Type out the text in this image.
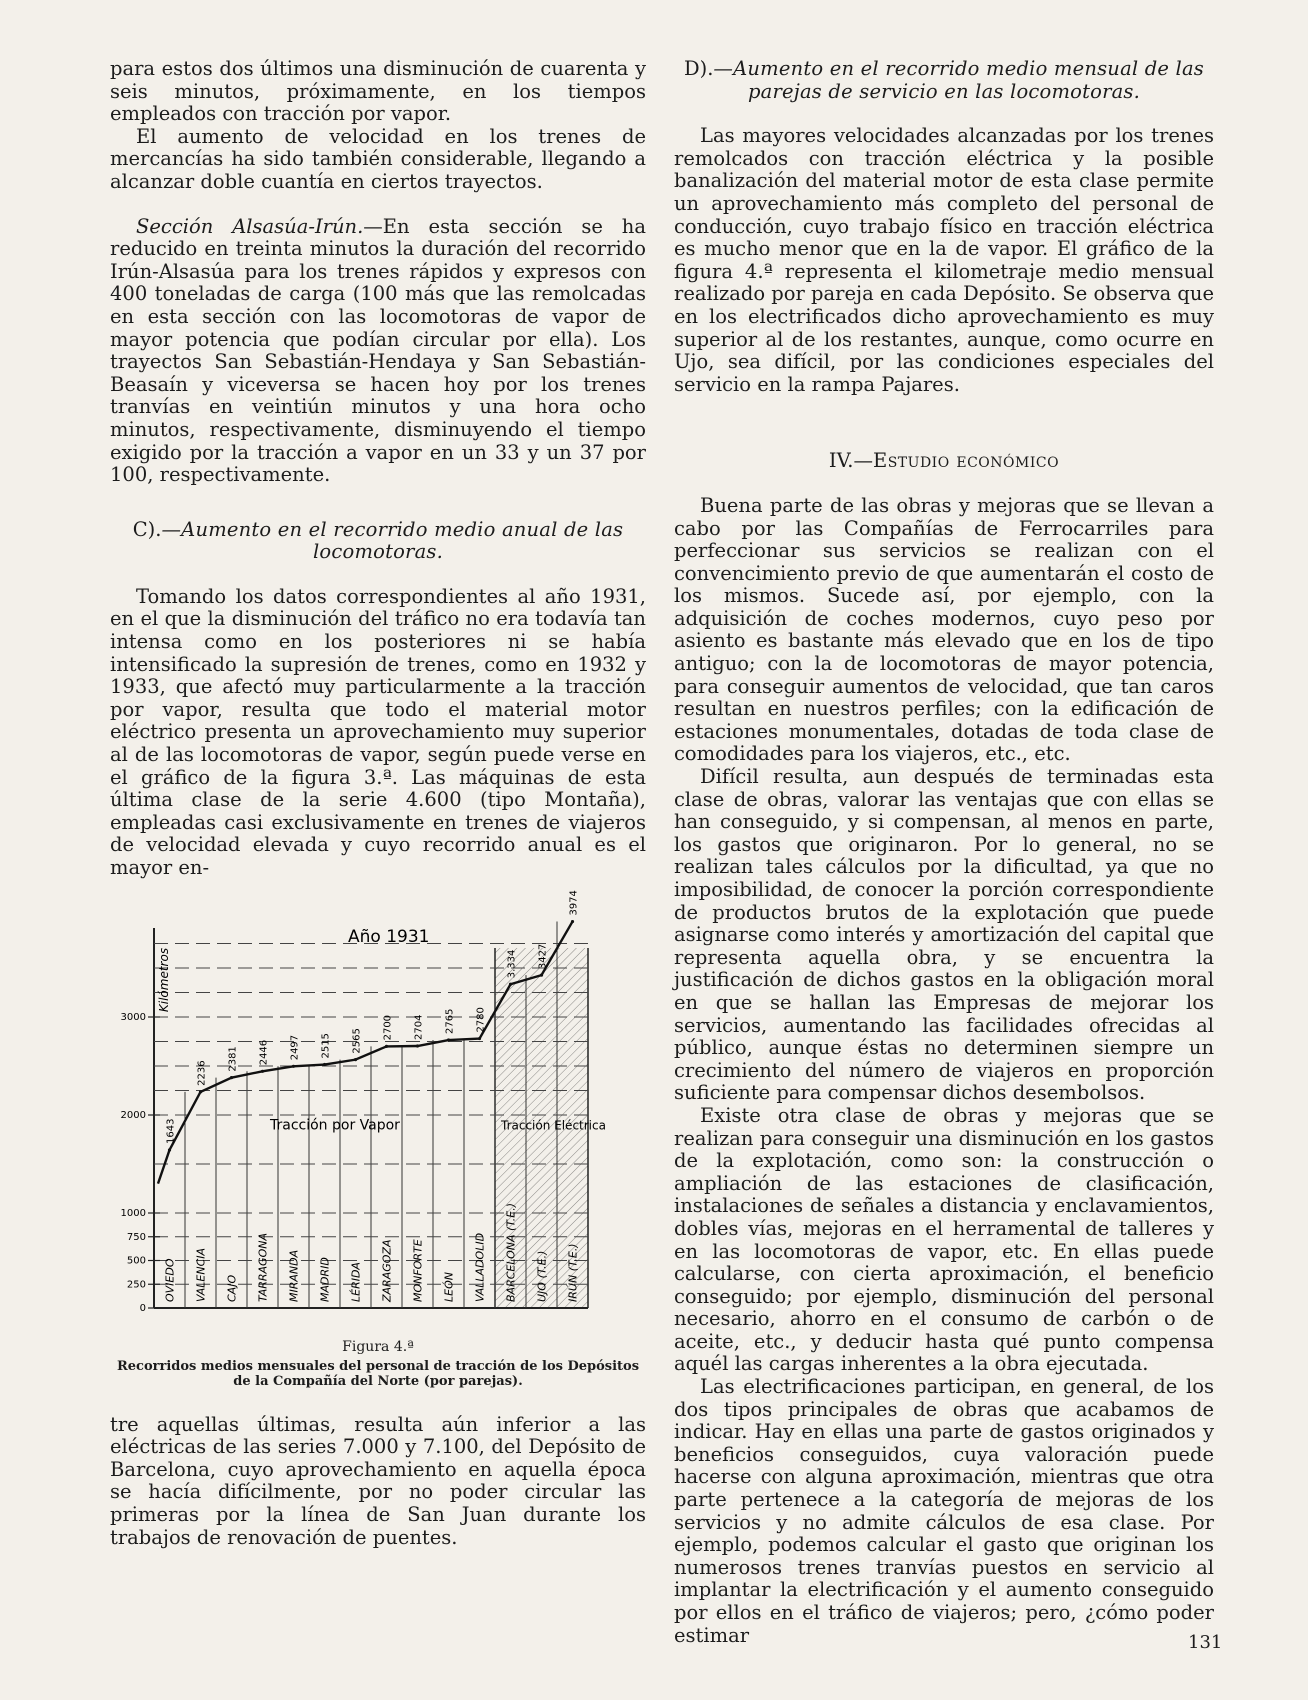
para estos dos últimos una disminución de cuarenta y seis minutos, próximamente, en los tiempos empleados con tracción por vapor.

El aumento de velocidad en los trenes de mercancías ha sido también considerable, llegando a alcanzar doble cuantía en ciertos trayectos.

Sección Alsasúa-Irún.—En esta sección se ha reducido en treinta minutos la duración del recorrido Irún-Alsasúa para los trenes rápidos y expresos con 400 toneladas de carga (100 más que las remolcadas en esta sección con las locomotoras de vapor de mayor potencia que podían circular por ella). Los trayectos San Sebastián-Hendaya y San Sebastián-Beasaín y viceversa se hacen hoy por los trenes tranvías en veintiún minutos y una hora ocho minutos, respectivamente, disminuyendo el tiempo exigido por la tracción a vapor en un 33 y un 37 por 100, respectivamente.

C).—Aumento en el recorrido medio anual de las locomotoras.

Tomando los datos correspondientes al año 1931, en el que la disminución del tráfico no era todavía tan intensa como en los posteriores ni se había intensificado la supresión de trenes, como en 1932 y 1933, que afectó muy particularmente a la tracción por vapor, resulta que todo el material motor eléctrico presenta un aprovechamiento muy superior al de las locomotoras de vapor, según puede verse en el gráfico de la figura 3.ª. Las máquinas de esta última clase de la serie 4.600 (tipo Montaña), empleadas casi exclusivamente en trenes de viajeros de velocidad elevada y cuyo recorrido anual es el mayor en-

0
250
500
750
1000
2000
3000
Kilómetros
Año 1931
1643
2236
2381 2446 2497 2515 2565
2700 2704 2765 2780
3.334 3427
3974
OVIEDO VALENCIA CAJO TARRAGONA MIRANDA MADRID LÉRIDA ZARAGOZA MONFORTE LEÓN VALLADOLID BARCELONA (T.E.) UJO (T.E.) IRÚN (T.E.)
Tracción por Vapor	Tracción Eléctrica
Figura 4.ª
Recorridos medios mensuales del personal de tracción de los Depósitos de la Compañía del Norte (por parejas).

tre aquellas últimas, resulta aún inferior a las eléctricas de las series 7.000 y 7.100, del Depósito de Barcelona, cuyo aprovechamiento en aquella época se hacía difícilmente, por no poder circular las primeras por la línea de San Juan durante los trabajos de renovación de puentes.

D).—Aumento en el recorrido medio mensual de las parejas de servicio en las locomotoras.

Las mayores velocidades alcanzadas por los trenes remolcados con tracción eléctrica y la posible banalización del material motor de esta clase permite un aprovechamiento más completo del personal de conducción, cuyo trabajo físico en tracción eléctrica es mucho menor que en la de vapor. El gráfico de la figura 4.ª representa el kilometraje medio mensual realizado por pareja en cada Depósito. Se observa que en los electrificados dicho aprovechamiento es muy superior al de los restantes, aunque, como ocurre en Ujo, sea difícil, por las condiciones especiales del servicio en la rampa Pajares.

IV.—Estudio económico

Buena parte de las obras y mejoras que se llevan a cabo por las Compañías de Ferrocarriles para perfeccionar sus servicios se realizan con el convencimiento previo de que aumentarán el costo de los mismos. Sucede así, por ejemplo, con la adquisición de coches modernos, cuyo peso por asiento es bastante más elevado que en los de tipo antiguo; con la de locomotoras de mayor potencia, para conseguir aumentos de velocidad, que tan caros resultan en nuestros perfiles; con la edificación de estaciones monumentales, dotadas de toda clase de comodidades para los viajeros, etc., etc.

Difícil resulta, aun después de terminadas esta clase de obras, valorar las ventajas que con ellas se han conseguido, y si compensan, al menos en parte, los gastos que originaron. Por lo general, no se realizan tales cálculos por la dificultad, ya que no imposibilidad, de conocer la porción correspondiente de productos brutos de la explotación que puede asignarse como interés y amortización del capital que representa aquella obra, y se encuentra la justificación de dichos gastos en la obligación moral en que se hallan las Empresas de mejorar los servicios, aumentando las facilidades ofrecidas al público, aunque éstas no determinen siempre un crecimiento del número de viajeros en proporción suficiente para compensar dichos desembolsos.

Existe otra clase de obras y mejoras que se realizan para conseguir una disminución en los gastos de la explotación, como son: la construcción o ampliación de las estaciones de clasificación, instalaciones de señales a distancia y enclavamientos, dobles vías, mejoras en el herramental de talleres y en las locomotoras de vapor, etc. En ellas puede calcularse, con cierta aproximación, el beneficio conseguido; por ejemplo, disminución del personal necesario, ahorro en el consumo de carbón o de aceite, etc., y deducir hasta qué punto compensa aquél las cargas inherentes a la obra ejecutada.

Las electrificaciones participan, en general, de los dos tipos principales de obras que acabamos de indicar. Hay en ellas una parte de gastos originados y beneficios conseguidos, cuya valoración puede hacerse con alguna aproximación, mientras que otra parte pertenece a la categoría de mejoras de los servicios y no admite cálculos de esa clase. Por ejemplo, podemos calcular el gasto que originan los numerosos trenes tranvías puestos en servicio al implantar la electrificación y el aumento conseguido por ellos en el tráfico de viajeros; pero, ¿cómo poder estimar	131
